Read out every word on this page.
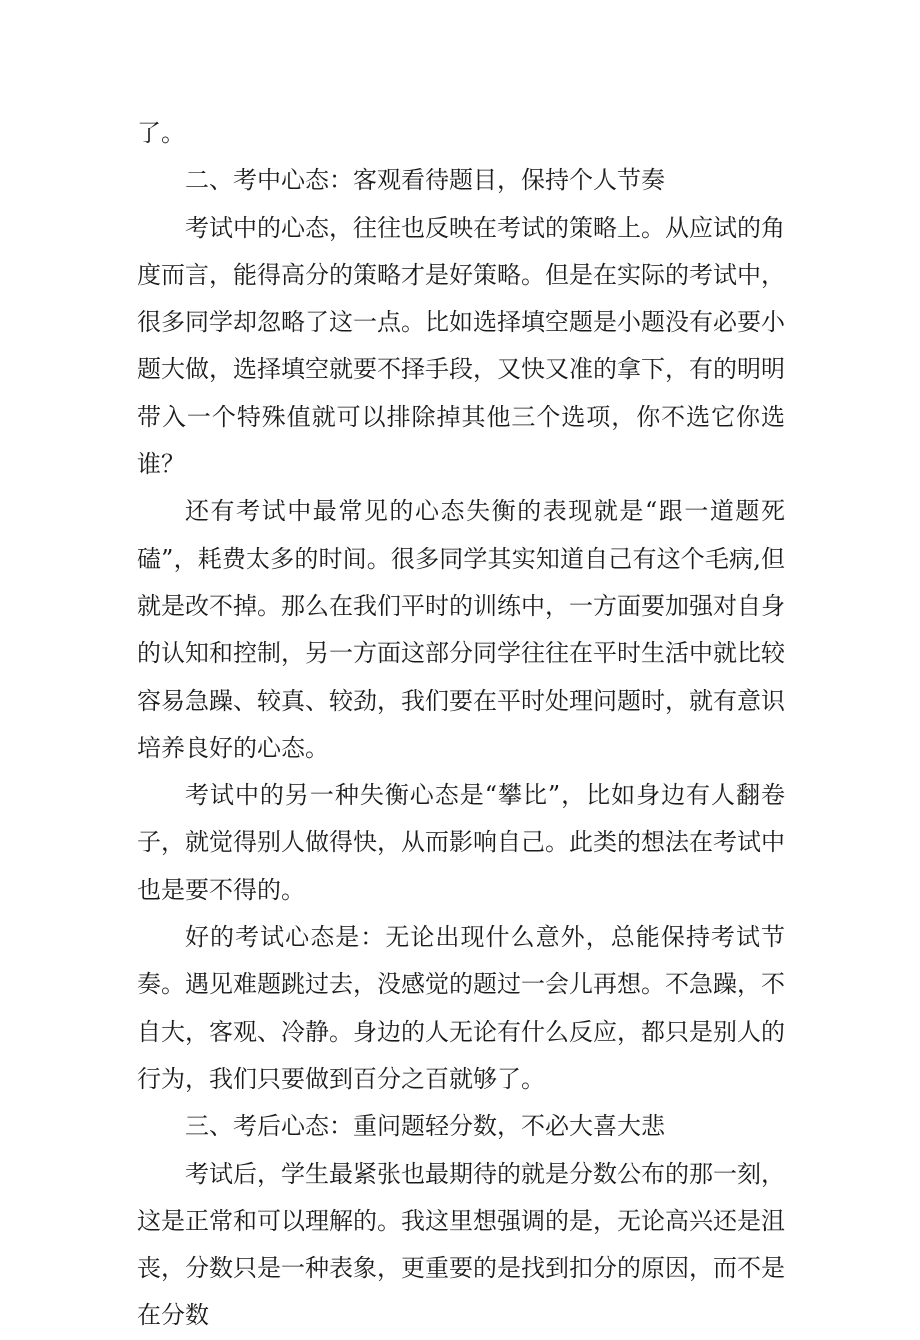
了。

二、考中心态：客观看待题目，保持个人节奏

考试中的心态，往往也反映在考试的策略上。从应试的角度而言，能得高分的策略才是好策略。但是在实际的考试中，很多同学却忽略了这一点。比如选择填空题是小题没有必要小题大做，选择填空就要不择手段，又快又准的拿下，有的明明带入一个特殊值就可以排除掉其他三个选项，你不选它你选谁？

还有考试中最常见的心态失衡的表现就是“跟一道题死磕”，耗费太多的时间。很多同学其实知道自己有这个毛病,但就是改不掉。那么在我们平时的训练中，一方面要加强对自身的认知和控制，另一方面这部分同学往往在平时生活中就比较容易急躁、较真、较劲，我们要在平时处理问题时，就有意识培养良好的心态。

考试中的另一种失衡心态是“攀比”，比如身边有人翻卷子，就觉得别人做得快，从而影响自己。此类的想法在考试中也是要不得的。

好的考试心态是：无论出现什么意外，总能保持考试节奏。遇见难题跳过去，没感觉的题过一会儿再想。不急躁，不自大，客观、冷静。身边的人无论有什么反应，都只是别人的行为，我们只要做到百分之百就够了。

三、考后心态：重问题轻分数，不必大喜大悲

考试后，学生最紧张也最期待的就是分数公布的那一刻，这是正常和可以理解的。我这里想强调的是，无论高兴还是沮丧，分数只是一种表象，更重要的是找到扣分的原因，而不是在分数
